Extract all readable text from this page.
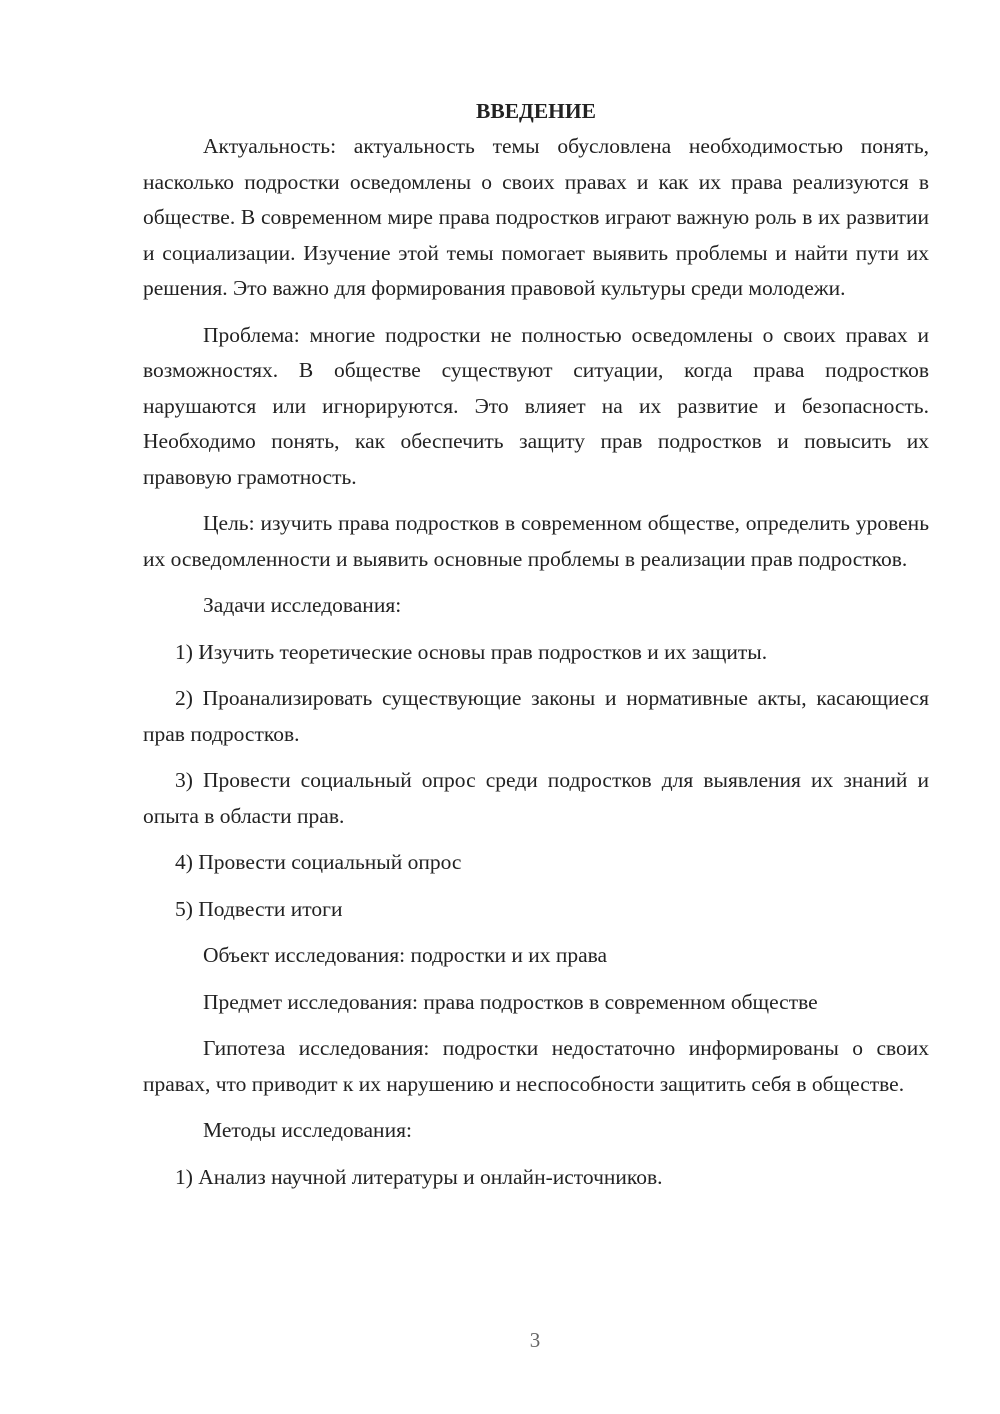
ВВЕДЕНИЕ

Актуальность: актуальность темы обусловлена необходимостью понять, насколько подростки осведомлены о своих правах и как их права реализуются в обществе. В современном мире права подростков играют важную роль в их развитии и социализации. Изучение этой темы помогает выявить проблемы и найти пути их решения. Это важно для формирования правовой культуры среди молодежи.

Проблема: многие подростки не полностью осведомлены о своих правах и возможностях. В обществе существуют ситуации, когда права подростков нарушаются или игнорируются. Это влияет на их развитие и безопасность. Необходимо понять, как обеспечить защиту прав подростков и повысить их правовую грамотность.

Цель: изучить права подростков в современном обществе, определить уровень их осведомленности и выявить основные проблемы в реализации прав подростков.

Задачи исследования:

1) Изучить теоретические основы прав подростков и их защиты.

2) Проанализировать существующие законы и нормативные акты, касающиеся прав подростков.

3) Провести социальный опрос среди подростков для выявления их знаний и опыта в области прав.

4) Провести социальный опрос

5) Подвести итоги

Объект исследования: подростки и их права

Предмет исследования: права подростков в современном обществе

Гипотеза исследования: подростки недостаточно информированы о своих правах, что приводит к их нарушению и неспособности защитить себя в обществе.

Методы исследования:

1) Анализ научной литературы и онлайн-источников.

3
